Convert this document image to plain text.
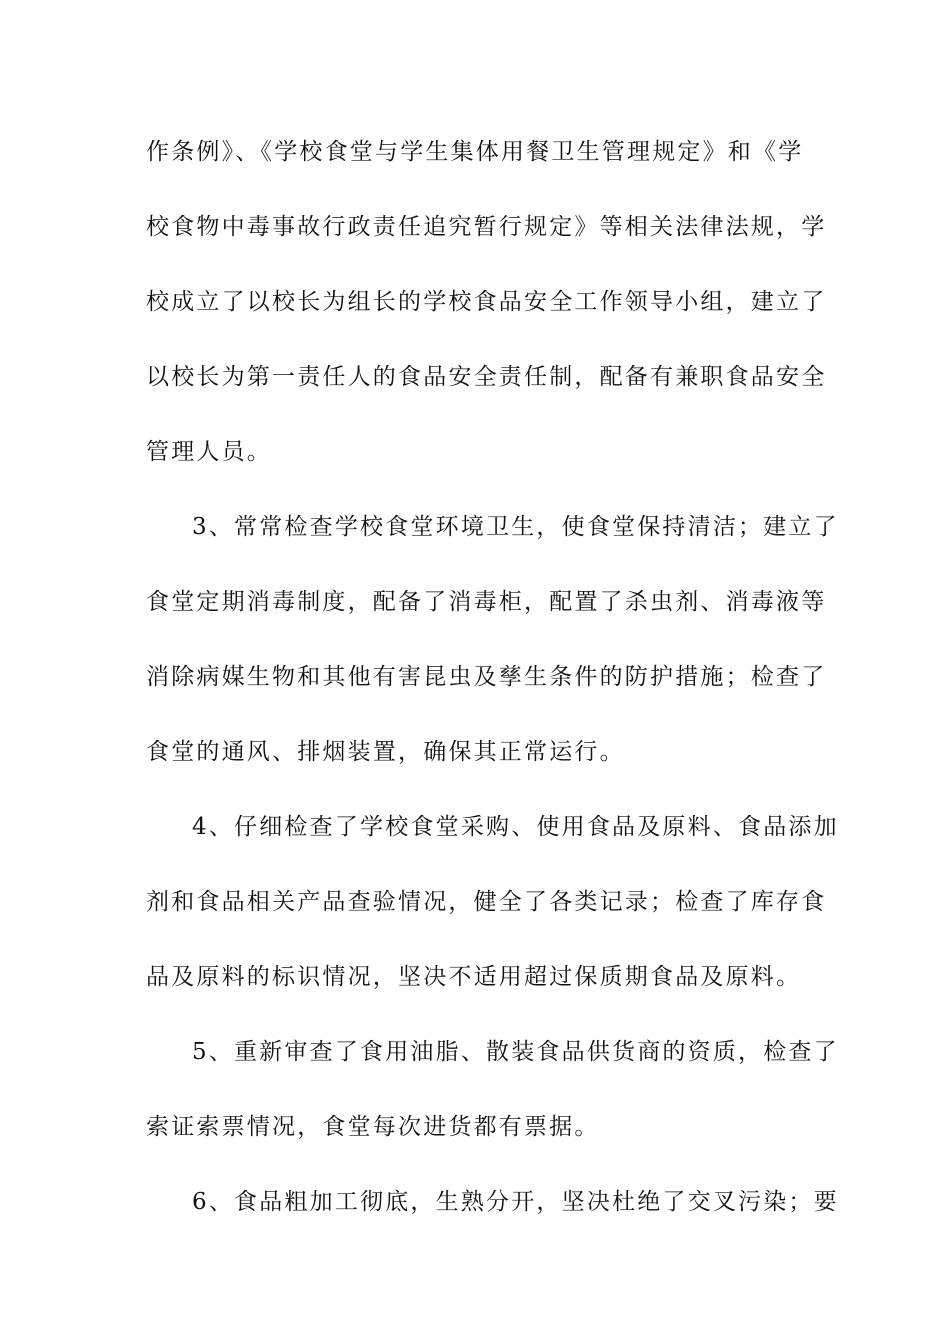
作条例》、《学校食堂与学生集体用餐卫生管理规定》和《学
校食物中毒事故行政责任追究暂行规定》等相关法律法规，学
校成立了以校长为组长的学校食品安全工作领导小组，建立了
以校长为第一责任人的食品安全责任制，配备有兼职食品安全
管理人员。
3、常常检查学校食堂环境卫生，使食堂保持清洁；建立了
食堂定期消毒制度，配备了消毒柜，配置了杀虫剂、消毒液等
消除病媒生物和其他有害昆虫及孳生条件的防护措施；检查了
食堂的通风、排烟装置，确保其正常运行。
4、仔细检查了学校食堂采购、使用食品及原料、食品添加
剂和食品相关产品查验情况，健全了各类记录；检查了库存食
品及原料的标识情况，坚决不适用超过保质期食品及原料。
5、重新审查了食用油脂、散装食品供货商的资质，检查了
索证索票情况，食堂每次进货都有票据。
6、食品粗加工彻底，生熟分开，坚决杜绝了交叉污染；要
